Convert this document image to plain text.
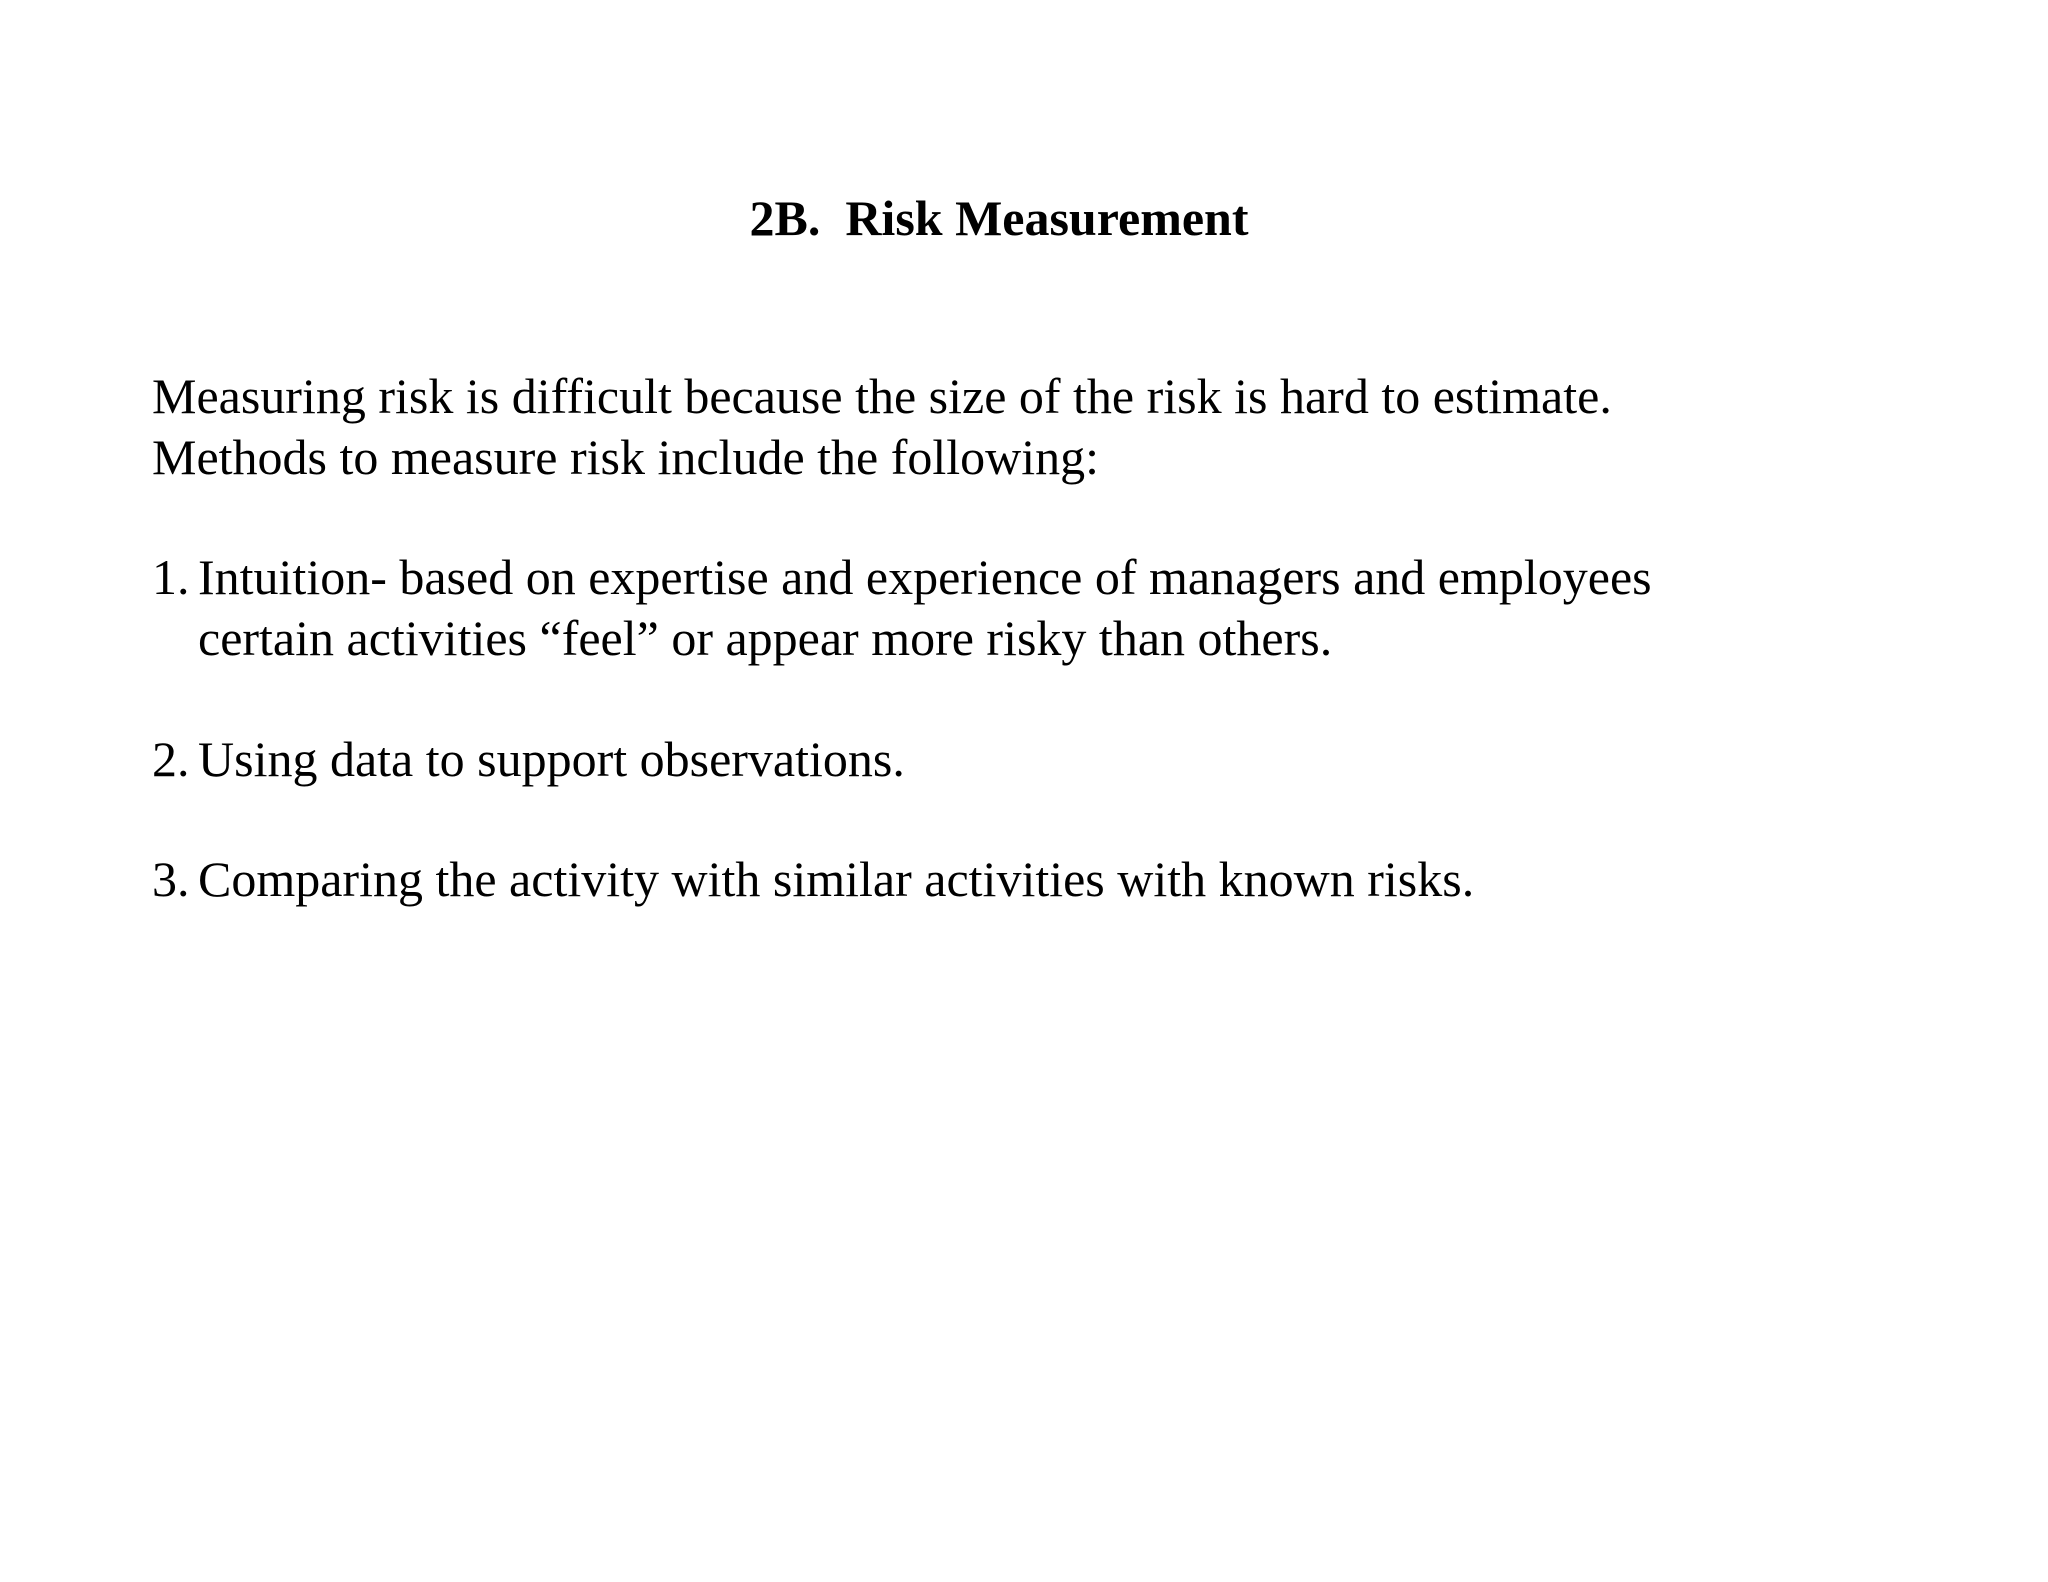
2B.  Risk Measurement

Measuring risk is difficult because the size of the risk is hard to estimate.
Methods to measure risk include the following:

1. Intuition- based on expertise and experience of managers and employees
certain activities “feel” or appear more risky than others.
2. Using data to support observations.
3. Comparing the activity with similar activities with known risks.
